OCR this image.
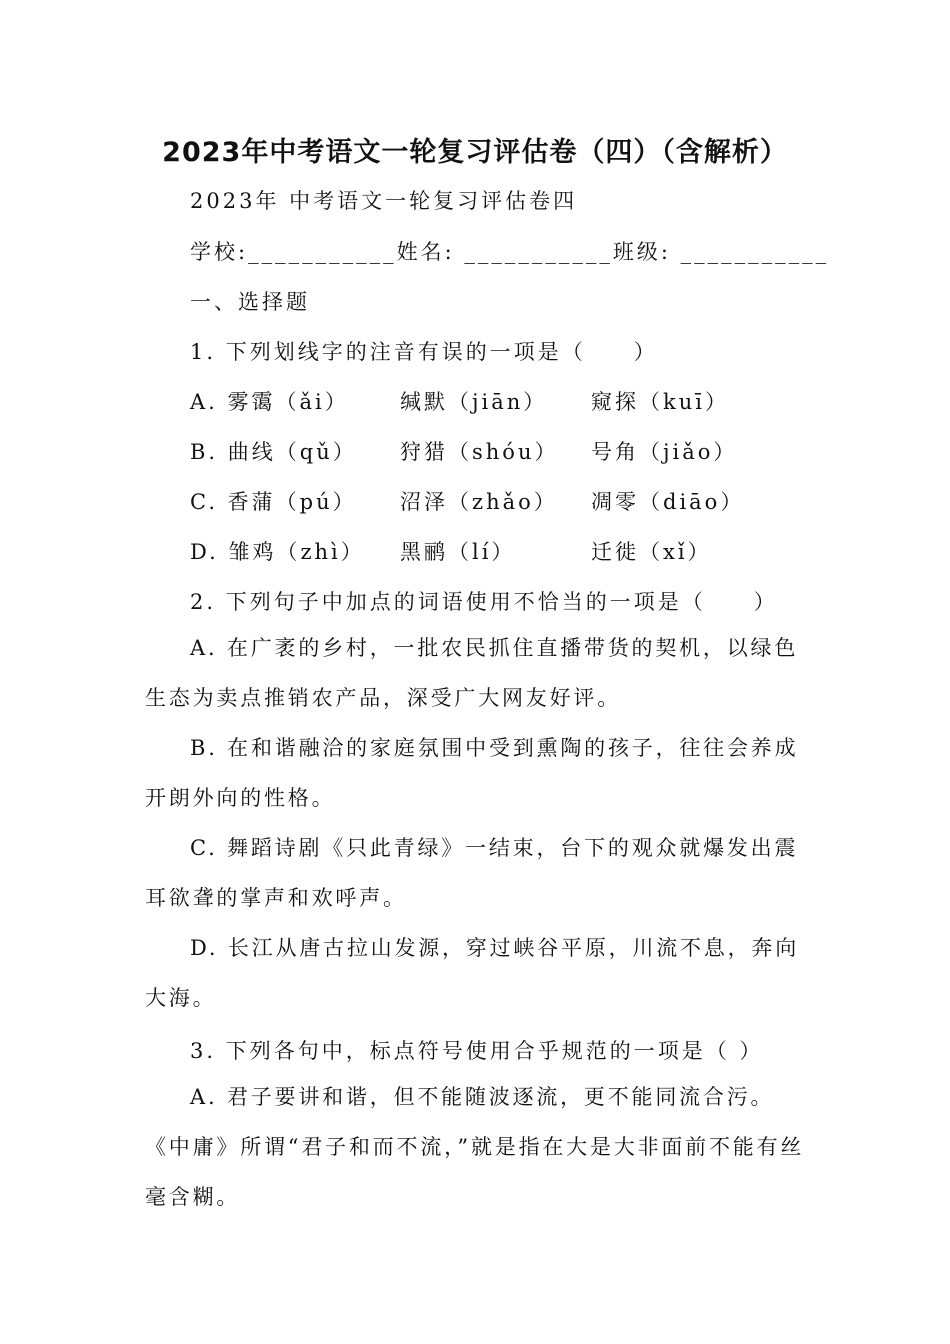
2023年中考语文一轮复习评估卷（四）（含解析）
2023年 中考语文一轮复习评估卷四
学校:___________姓名: ___________班级: ___________
一、选择题
1. 下列划线字的注音有误的一项是（　　）
A. 雾霭（ǎi） 缄默（jiān） 窥探（kuī）
B. 曲线（qǔ） 狩猎（shóu） 号角（jiǎo）
C. 香蒲（pú） 沼泽（zhǎo） 凋零（diāo）
D. 雏鸡（zhì） 黑鹂（lí）	迁徙（xǐ）
2. 下列句子中加点的词语使用不恰当的一项是（　　）
A. 在广袤的乡村，一批农民抓住直播带货的契机，以绿色生态为卖点推销农产品，深受广大网友好评。
B. 在和谐融洽的家庭氛围中受到熏陶的孩子，往往会养成开朗外向的性格。
C. 舞蹈诗剧《只此青绿》一结束，台下的观众就爆发出震耳欲聋的掌声和欢呼声。
D. 长江从唐古拉山发源，穿过峡谷平原，川流不息，奔向大海。
3. 下列各句中，标点符号使用合乎规范的一项是（ ）
A. 君子要讲和谐，但不能随波逐流，更不能同流合污。《中庸》所谓“君子和而不流，”就是指在大是大非面前不能有丝毫含糊。
